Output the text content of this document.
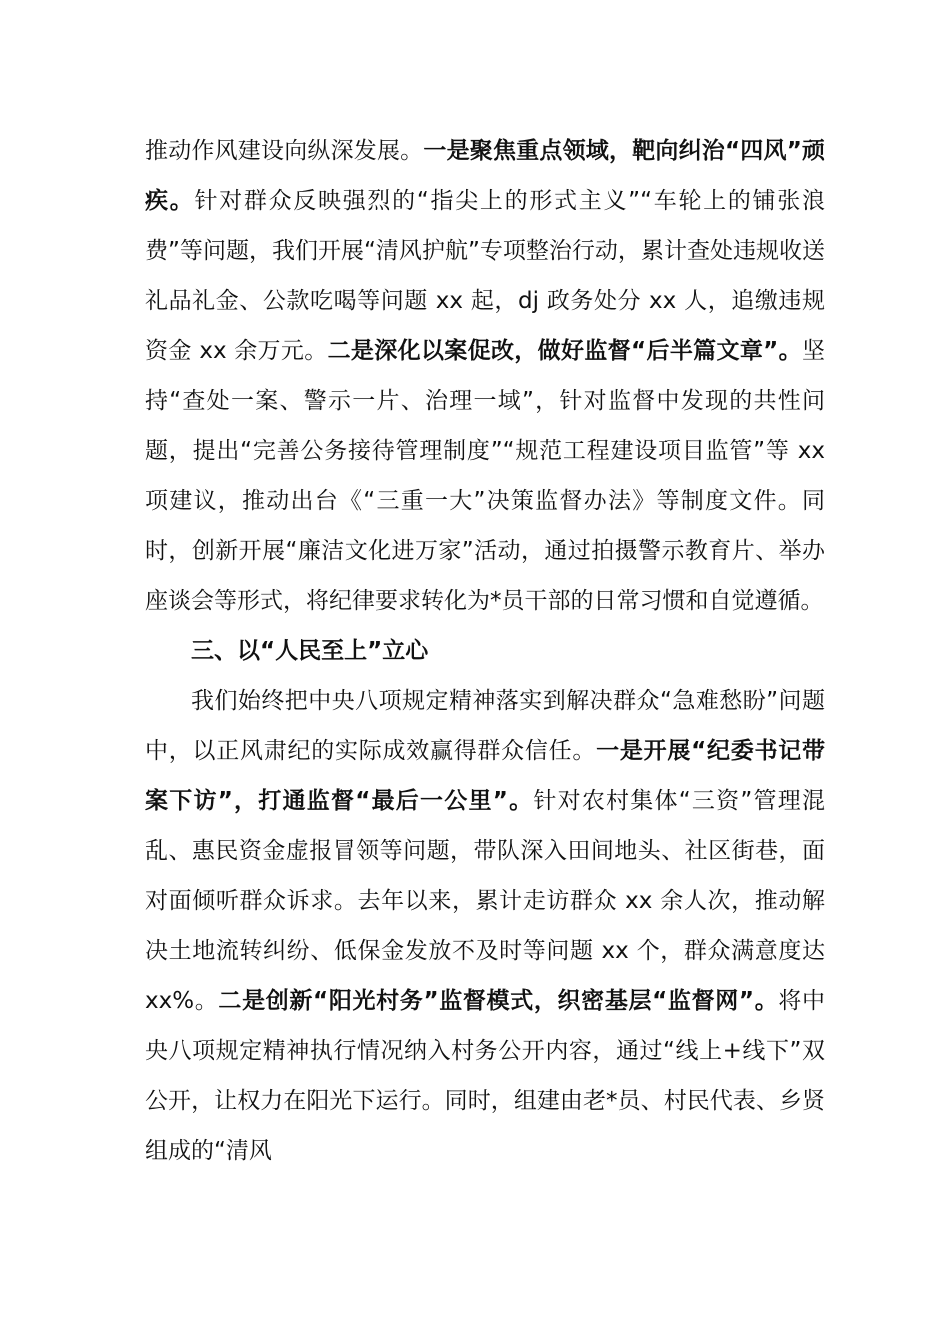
推动作风建设向纵深发展。一是聚焦重点领域，靶向纠治“四风”顽疾。针对群众反映强烈的“指尖上的形式主义”“车轮上的铺张浪费”等问题，我们开展“清风护航”专项整治行动，累计查处违规收送礼品礼金、公款吃喝等问题 xx 起，dj 政务处分 xx 人，追缴违规资金 xx 余万元。二是深化以案促改，做好监督“后半篇文章”。坚持“查处一案、警示一片、治理一域”，针对监督中发现的共性问题，提出“完善公务接待管理制度”“规范工程建设项目监管”等 xx 项建议，推动出台《“三重一大”决策监督办法》等制度文件。同时，创新开展“廉洁文化进万家”活动，通过拍摄警示教育片、举办座谈会等形式，将纪律要求转化为*员干部的日常习惯和自觉遵循。

三、以“人民至上”立心

我们始终把中央八项规定精神落实到解决群众“急难愁盼”问题中，以正风肃纪的实际成效赢得群众信任。一是开展“纪委书记带案下访”，打通监督“最后一公里”。针对农村集体“三资”管理混乱、惠民资金虚报冒领等问题，带队深入田间地头、社区街巷，面对面倾听群众诉求。去年以来，累计走访群众 xx 余人次，推动解决土地流转纠纷、低保金发放不及时等问题 xx 个，群众满意度达 xx%。二是创新“阳光村务”监督模式，织密基层“监督网”。将中央八项规定精神执行情况纳入村务公开内容，通过“线上+线下”双公开，让权力在阳光下运行。同时，组建由老*员、村民代表、乡贤组成的“清风
